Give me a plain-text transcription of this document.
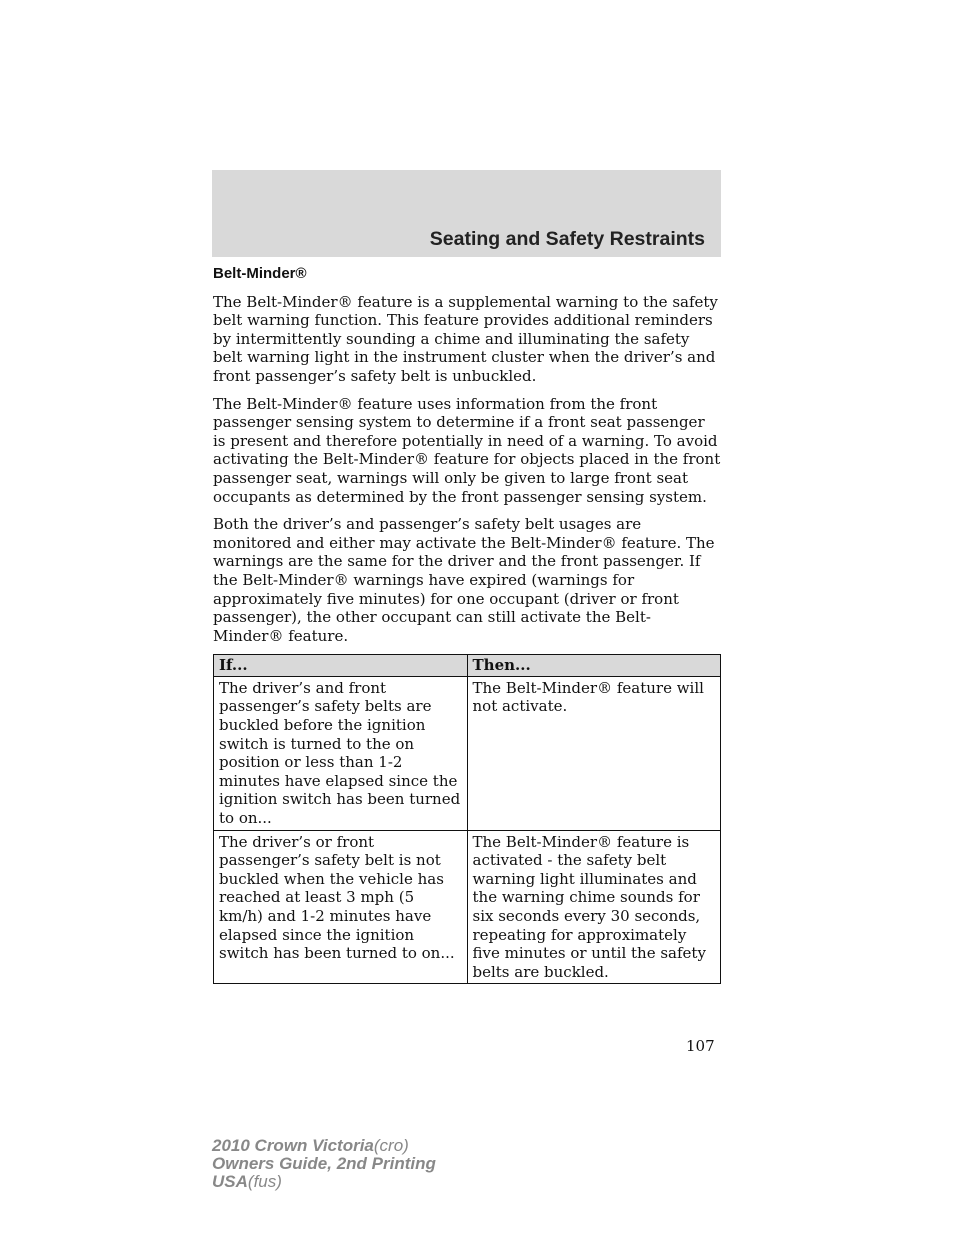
Seating and Safety Restraints
Belt-Minder®

The Belt-Minder® feature is a supplemental warning to the safety belt warning function. This feature provides additional reminders by intermittently sounding a chime and illuminating the safety belt warning light in the instrument cluster when the driver’s and front passenger’s safety belt is unbuckled.

The Belt-Minder® feature uses information from the front passenger sensing system to determine if a front seat passenger is present and therefore potentially in need of a warning. To avoid activating the Belt-Minder® feature for objects placed in the front passenger seat, warnings will only be given to large front seat occupants as determined by the front passenger sensing system.

Both the driver’s and passenger’s safety belt usages are monitored and either may activate the Belt-Minder® feature. The warnings are the same for the driver and the front passenger. If the Belt-Minder® warnings have expired (warnings for approximately five minutes) for one occupant (driver or front passenger), the other occupant can still activate the Belt-Minder® feature.

If...	Then...
The driver’s and front passenger’s safety belts are buckled before the ignition switch is turned to the on position or less than 1-2 minutes have elapsed since the ignition switch has been turned to on...	The Belt-Minder® feature will not activate.
The driver’s or front passenger’s safety belt is not buckled when the vehicle has reached at least 3 mph (5 km/h) and 1-2 minutes have elapsed since the ignition switch has been turned to on...	The Belt-Minder® feature is activated - the safety belt warning light illuminates and the warning chime sounds for six seconds every 30 seconds, repeating for approximately five minutes or until the safety belts are buckled.
107
2010 Crown Victoria(cro)
Owners Guide, 2nd Printing
USA(fus)
